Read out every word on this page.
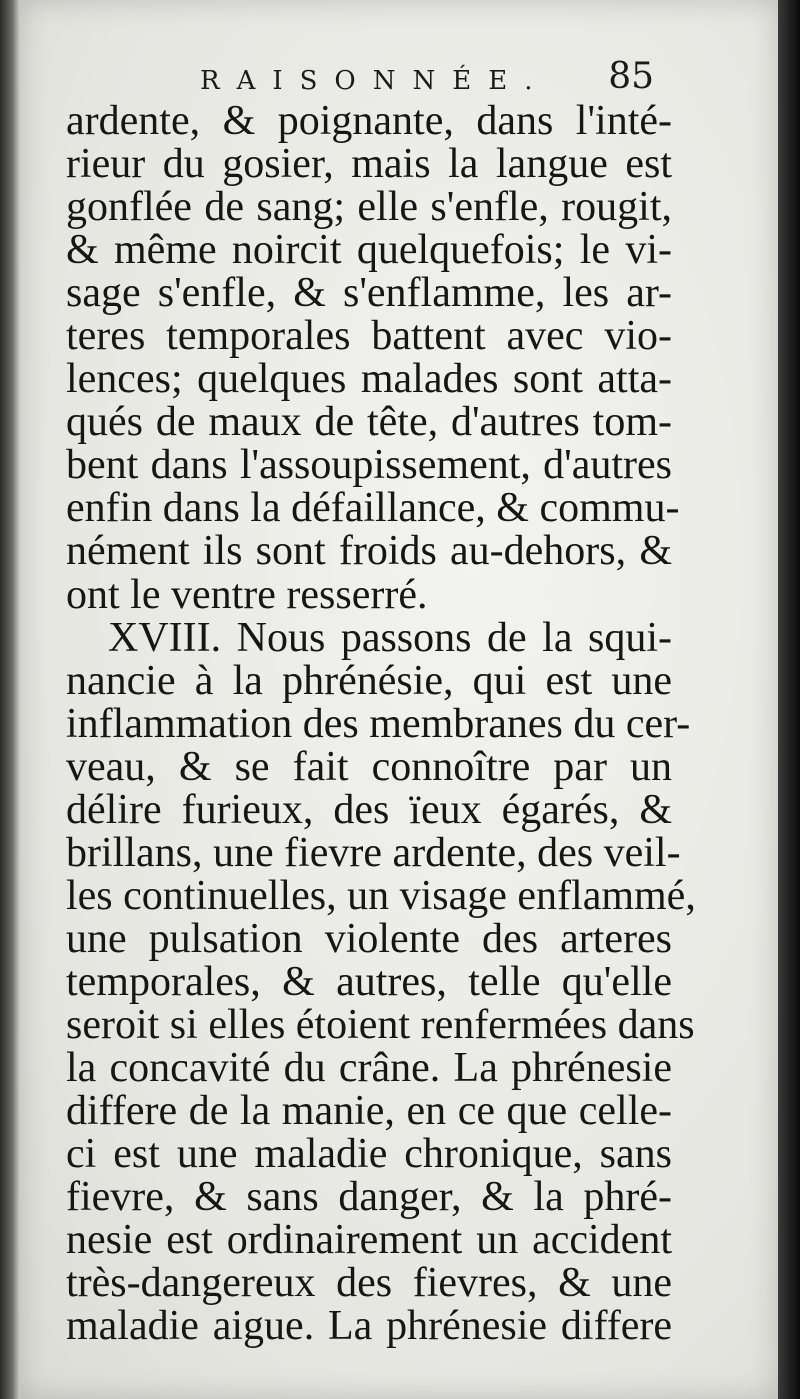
RAISONNÉE. 85
ardente, & poignante, dans l'inté-
rieur du gosier, mais la langue est
gonflée de sang; elle s'enfle, rougit,
& même noircit quelquefois; le vi-
sage s'enfle, & s'enflamme, les ar-
teres temporales battent avec vio-
lences; quelques malades sont atta-
qués de maux de tête, d'autres tom-
bent dans l'assoupissement, d'autres
enfin dans la défaillance, & commu-
nément ils sont froids au-dehors, &
ont le ventre resserré.
XVIII. Nous passons de la squi-
nancie à la phrénésie, qui est une
inflammation des membranes du cer-
veau, & se fait connoître par un
délire furieux, des ïeux égarés, &
brillans, une fievre ardente, des veil-
les continuelles, un visage enflammé,
une pulsation violente des arteres
temporales, & autres, telle qu'elle
seroit si elles étoient renfermées dans
la concavité du crâne. La phrénesie
differe de la manie, en ce que celle-
ci est une maladie chronique, sans
fievre, & sans danger, & la phré-
nesie est ordinairement un accident
très-dangereux des fievres, & une
maladie aigue. La phrénesie differe
